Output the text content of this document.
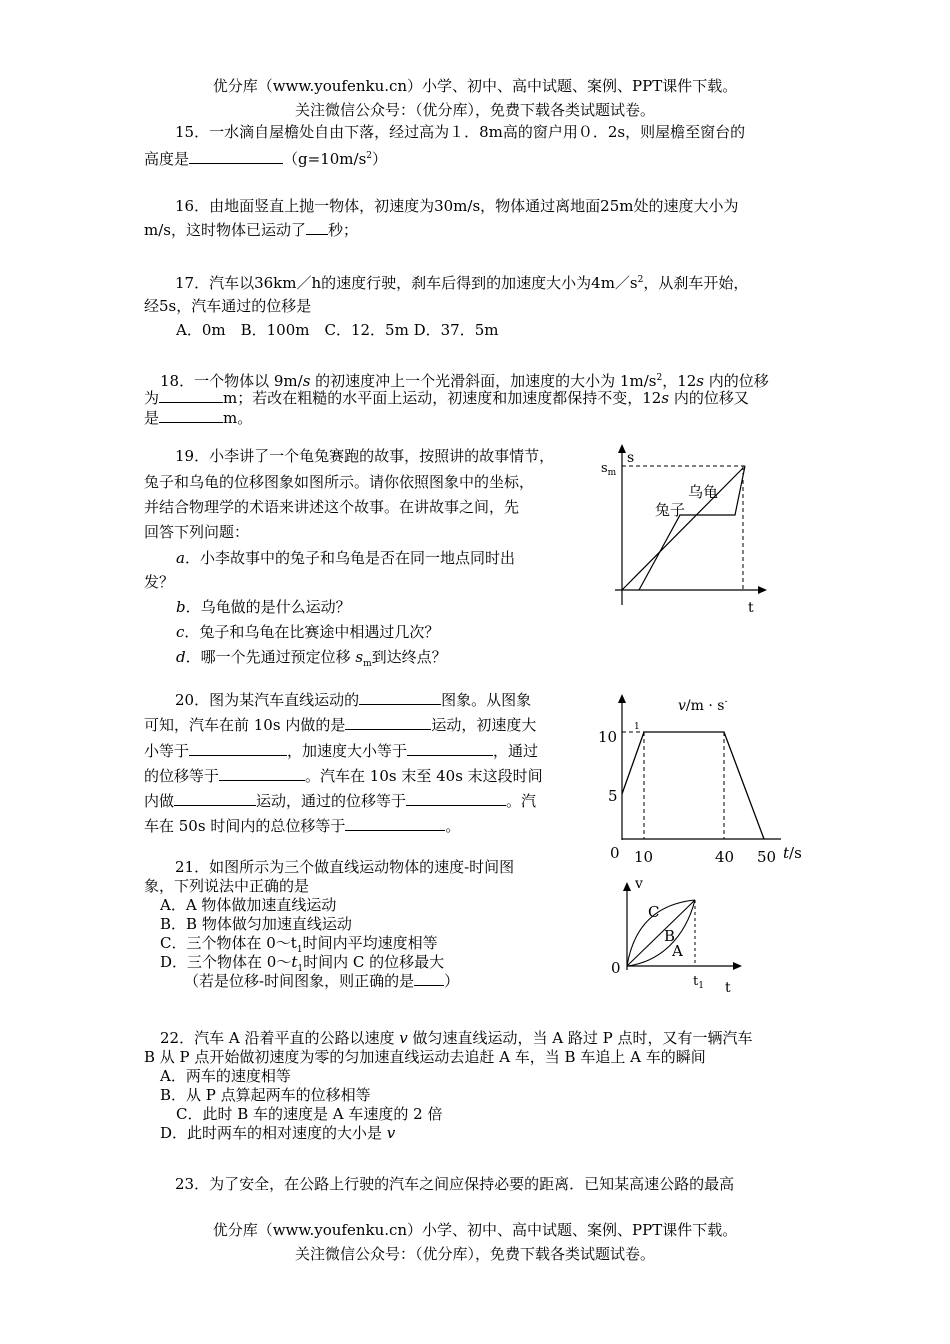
优分库（www.youfenku.cn）小学、初中、高中试题、案例、PPT课件下载。
关注微信公众号：（优分库），免费下载各类试题试卷。
15．一水滴自屋檐处自由下落，经过高为１．8m高的窗户用０．2s，则屋檐至窗台的
高度是	$(g=10m/s^2)$
16．由地面竖直上抛一物体，初速度为30m/s，物体通过离地面25m处的速度大小为
m/s，这时物体已运动了 秒；
17．汽车以36km／h的速度行驶，刹车后得到的加速度大小为$4m/s^2$，从刹车开始，
经5s，汽车通过的位移是
A．0m　B．100m　C．12．5m D．37．5m
18．一个物体以 9m/s 的初速度冲上一个光滑斜面，加速度的大小为 $1m/s^2$，12s 内的位移
为	m；若改在粗糙的水平面上运动，初速度和加速度都保持不变，12s 内的位移又
是	m。
19．小李讲了一个龟兔赛跑的故事，按照讲的故事情节，
兔子和乌龟的位移图象如图所示。请你依照图象中的坐标，
并结合物理学的术语来讲述这个故事。在讲故事之间，先
回答下列问题：
a．小李故事中的兔子和乌龟是否在同一地点同时出
发？
b．乌龟做的是什么运动？
c．兔子和乌龟在比赛途中相遇过几次？
d．哪一个先通过预定位移 $s_m$到达终点？
s
$s_m$
乌龟
兔子
t
20．图为某汽车直线运动的	图象。从图象
可知，汽车在前 10s 内做的是	运动，初速度大
小等于	，加速度大小等于	，通过
的位移等于	。汽车在 10s 末至 40s 末这段时间
内做	运动，通过的位移等于	。汽
车在 50s 时间内的总位移等于	。
v/m · s-
1
10
5
0 10	40 50 t/s
21．如图所示为三个做直线运动物体的速度-时间图
象，下列说法中正确的是
A．A 物体做加速直线运动
B．B 物体做匀加速直线运动
C．三个物体在 $0\sim t_1$时间内平均速度相等
D．三个物体在 $0\sim t_1$时间内 C 的位移最大
（若是位移-时间图象，则正确的是 ）
v
C
B
A
0
$t_1$ t
22．汽车 A 沿着平直的公路以速度 v 做匀速直线运动，当 A 路过 P 点时，又有一辆汽车
B 从 P 点开始做初速度为零的匀加速直线运动去追赶 A 车，当 B 车追上 A 车的瞬间
A．两车的速度相等
B．从 P 点算起两车的位移相等
C．此时 B 车的速度是 A 车速度的 2 倍
D．此时两车的相对速度的大小是 v
23．为了安全，在公路上行驶的汽车之间应保持必要的距离．已知某高速公路的最高
优分库（www.youfenku.cn）小学、初中、高中试题、案例、PPT课件下载。
关注微信公众号：（优分库），免费下载各类试题试卷。
